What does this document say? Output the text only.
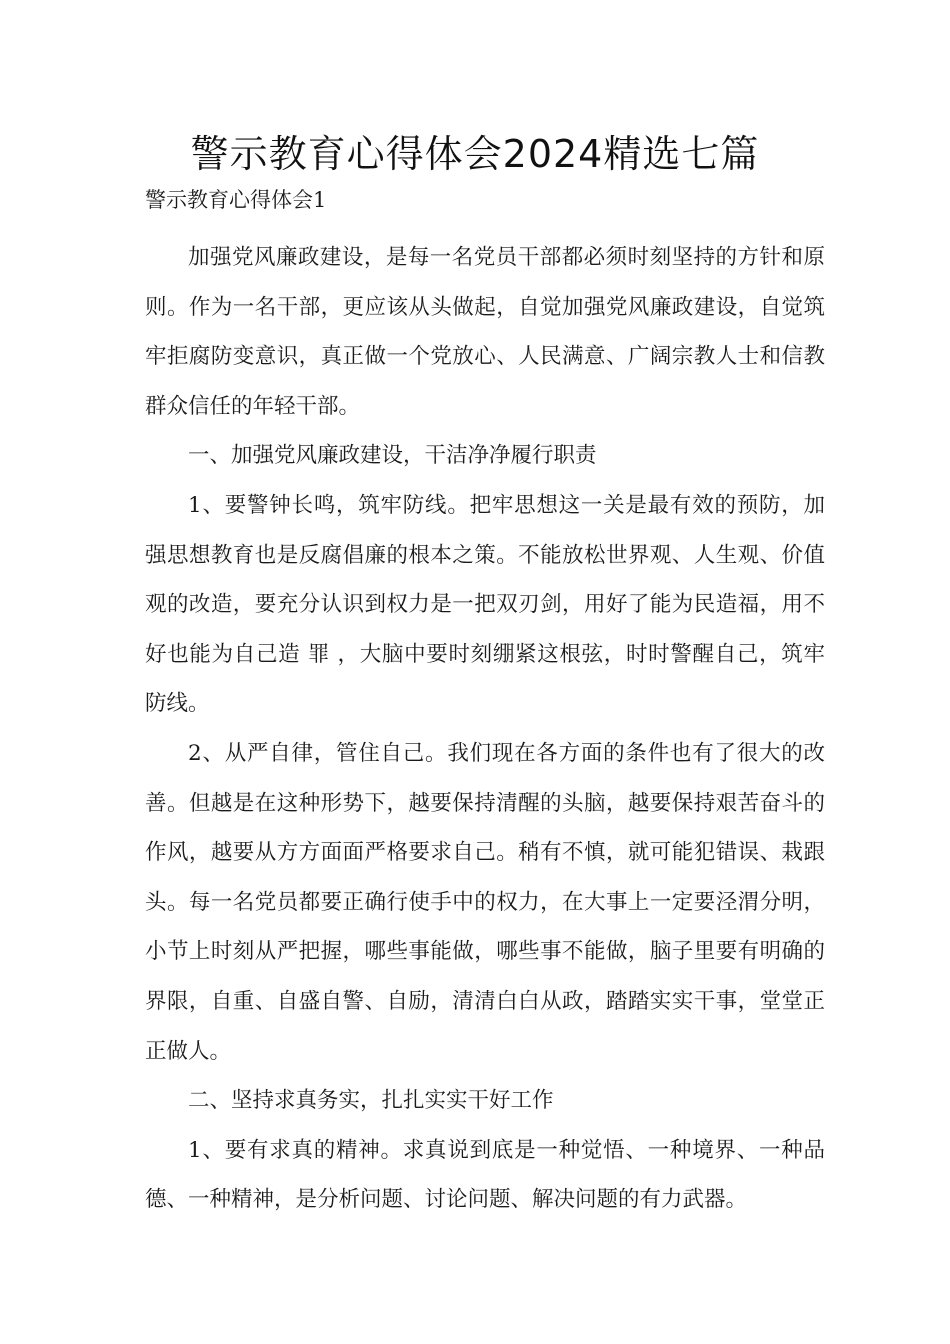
警示教育心得体会2024精选七篇

警示教育心得体会1

加强党风廉政建设，是每一名党员干部都必须时刻坚持的方针和原则。作为一名干部，更应该从头做起，自觉加强党风廉政建设，自觉筑牢拒腐防变意识，真正做一个党放心、人民满意、广阔宗教人士和信教群众信任的年轻干部。

一、加强党风廉政建设，干洁净净履行职责

1、要警钟长鸣，筑牢防线。把牢思想这一关是最有效的预防，加强思想教育也是反腐倡廉的根本之策。不能放松世界观、人生观、价值观的改造，要充分认识到权力是一把双刃剑，用好了能为民造福，用不好也能为自己造 罪 ，大脑中要时刻绷紧这根弦，时时警醒自己，筑牢防线。

2、从严自律，管住自己。我们现在各方面的条件也有了很大的改善。但越是在这种形势下，越要保持清醒的头脑，越要保持艰苦奋斗的作风，越要从方方面面严格要求自己。稍有不慎，就可能犯错误、栽跟头。每一名党员都要正确行使手中的权力，在大事上一定要泾渭分明，小节上时刻从严把握，哪些事能做，哪些事不能做，脑子里要有明确的界限，自重、自盛自警、自励，清清白白从政，踏踏实实干事，堂堂正正做人。

二、坚持求真务实，扎扎实实干好工作

1、要有求真的精神。求真说到底是一种觉悟、一种境界、一种品德、一种精神，是分析问题、讨论问题、解决问题的有力武器。
